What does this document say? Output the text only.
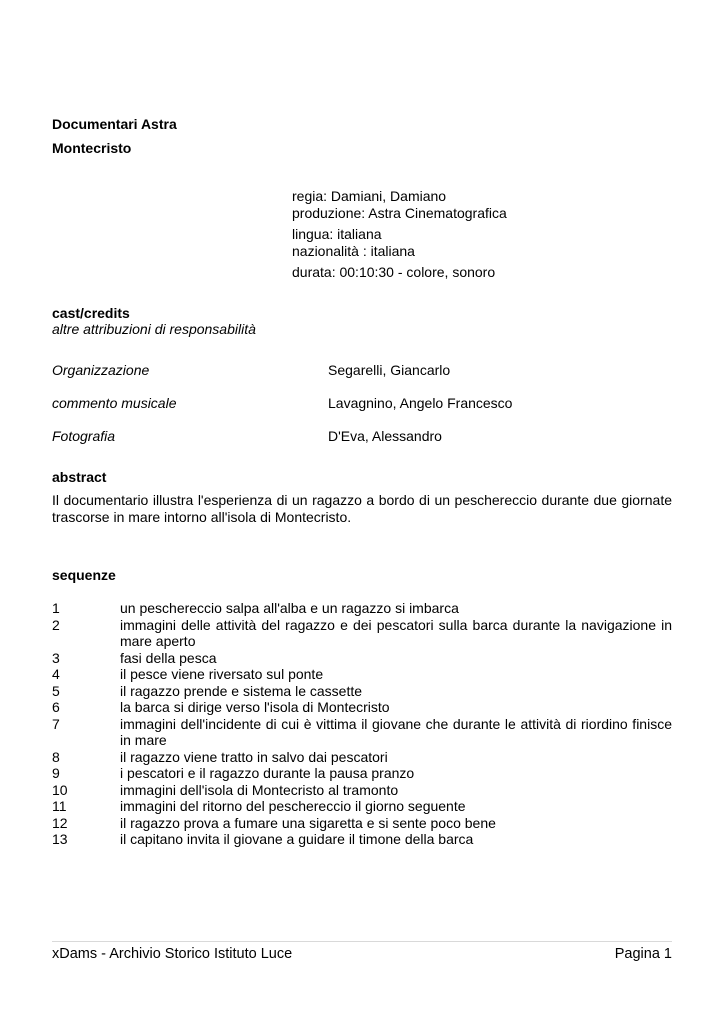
Documentari Astra
Montecristo
regia: Damiani, Damiano
produzione: Astra Cinematografica
lingua: italiana
nazionalità : italiana
durata: 00:10:30 - colore, sonoro
cast/credits
altre attribuzioni di responsabilità
Organizzazione	Segarelli, Giancarlo
commento musicale	Lavagnino, Angelo Francesco
Fotografia	D'Eva, Alessandro
abstract
Il documentario illustra l'esperienza di un ragazzo a bordo di un peschereccio durante due giornate trascorse in mare intorno all'isola di Montecristo.
sequenze
1	un peschereccio salpa all'alba e un ragazzo si imbarca
2	immagini delle attività del ragazzo e dei pescatori sulla barca durante la navigazione in mare aperto
3	fasi della pesca
4	il pesce viene riversato sul ponte
5	il ragazzo prende e sistema le cassette
6	la barca si dirige verso l'isola di Montecristo
7	immagini dell'incidente di cui è vittima il giovane che durante le attività di riordino finisce in mare
8	il ragazzo viene tratto in salvo dai pescatori
9	i pescatori e il ragazzo durante la pausa pranzo
10	immagini dell'isola di Montecristo al tramonto
11	immagini del ritorno del peschereccio il giorno seguente
12	il ragazzo prova a fumare una sigaretta e si sente poco bene
13	il capitano invita il giovane a guidare il timone della barca
xDams - Archivio Storico Istituto Luce	Pagina 1
